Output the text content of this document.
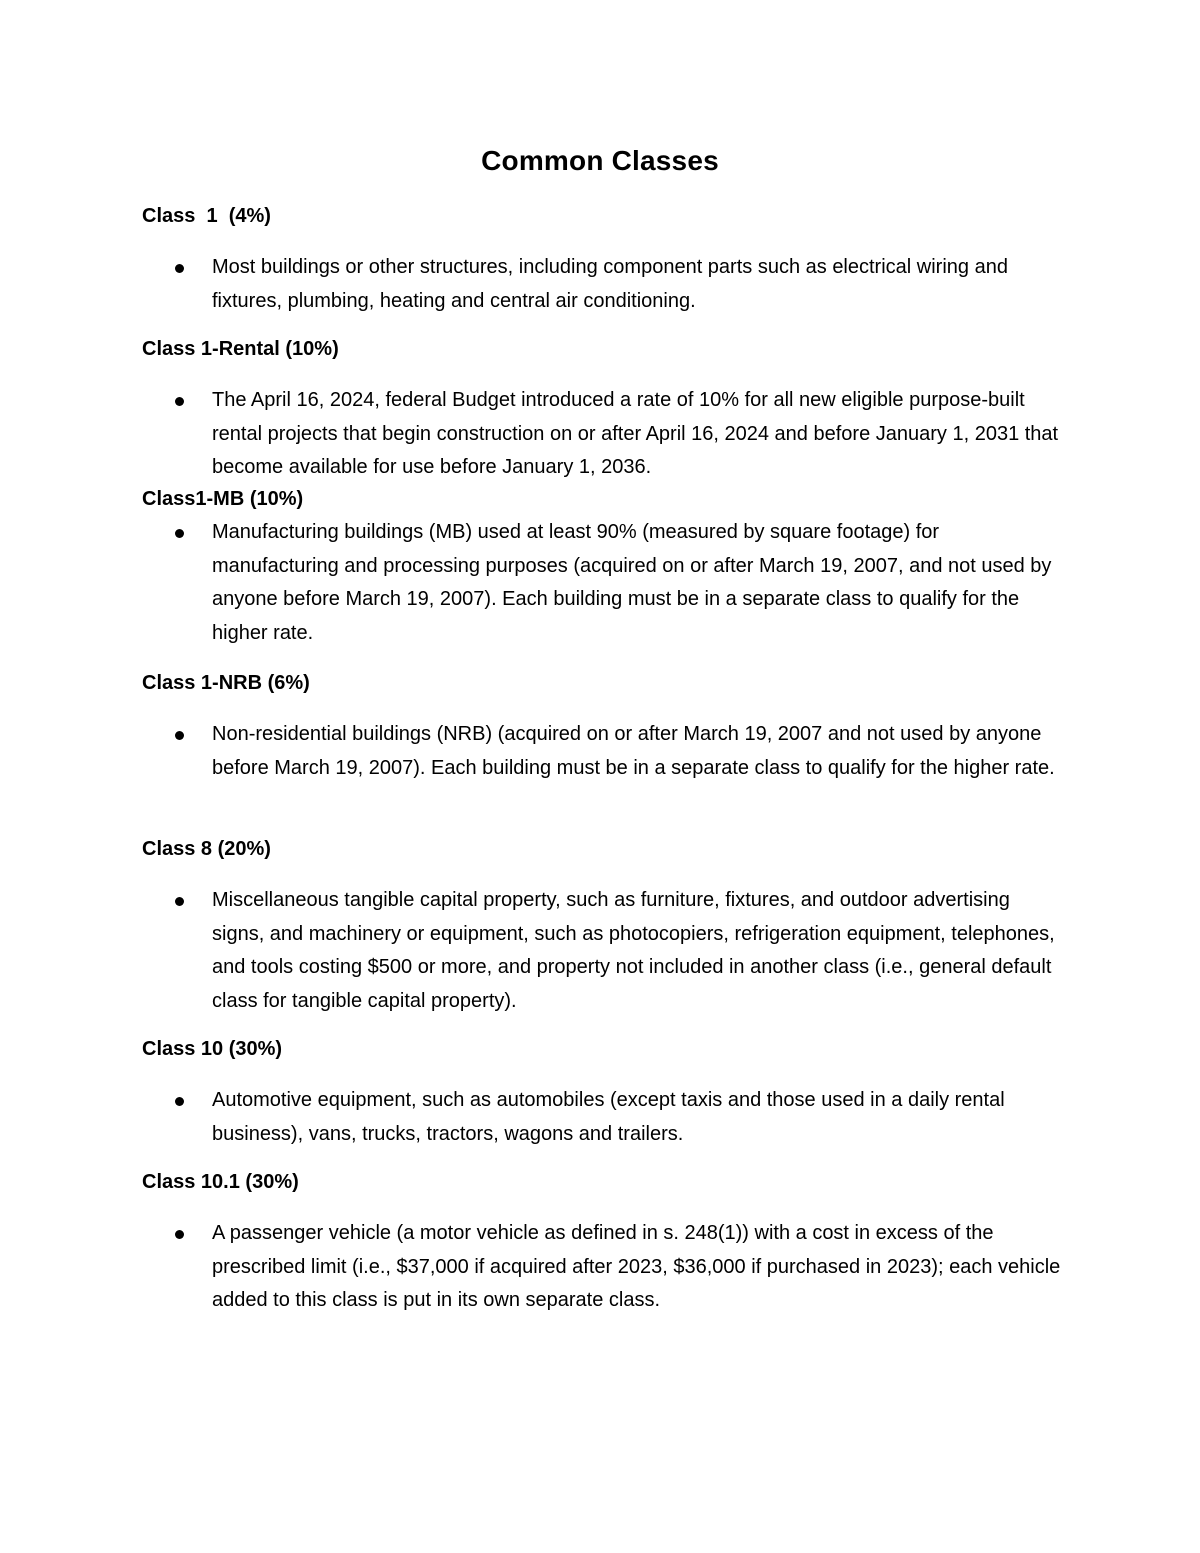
Common Classes
Class  1  (4%)
Most buildings or other structures, including component parts such as electrical wiring and fixtures, plumbing, heating and central air conditioning.
Class 1-Rental (10%)
The April 16, 2024, federal Budget introduced a rate of 10% for all new eligible purpose-built rental projects that begin construction on or after April 16, 2024 and before January 1, 2031 that become available for use before January 1, 2036.
Class1-MB (10%)
Manufacturing buildings (MB) used at least 90% (measured by square footage) for manufacturing and processing purposes (acquired on or after March 19, 2007, and not used by anyone before March 19, 2007). Each building must be in a separate class to qualify for the higher rate.
Class 1-NRB (6%)
Non-residential buildings (NRB) (acquired on or after March 19, 2007 and not used by anyone before March 19, 2007). Each building must be in a separate class to qualify for the higher rate.
Class 8 (20%)
Miscellaneous tangible capital property, such as furniture, fixtures, and outdoor advertising signs, and machinery or equipment, such as photocopiers, refrigeration equipment, telephones, and tools costing $500 or more, and property not included in another class (i.e., general default class for tangible capital property).
Class 10 (30%)
Automotive equipment, such as automobiles (except taxis and those used in a daily rental business), vans, trucks, tractors, wagons and trailers.
Class 10.1 (30%)
A passenger vehicle (a motor vehicle as defined in s. 248(1)) with a cost in excess of the prescribed limit (i.e., $37,000 if acquired after 2023, $36,000 if purchased in 2023); each vehicle added to this class is put in its own separate class.
